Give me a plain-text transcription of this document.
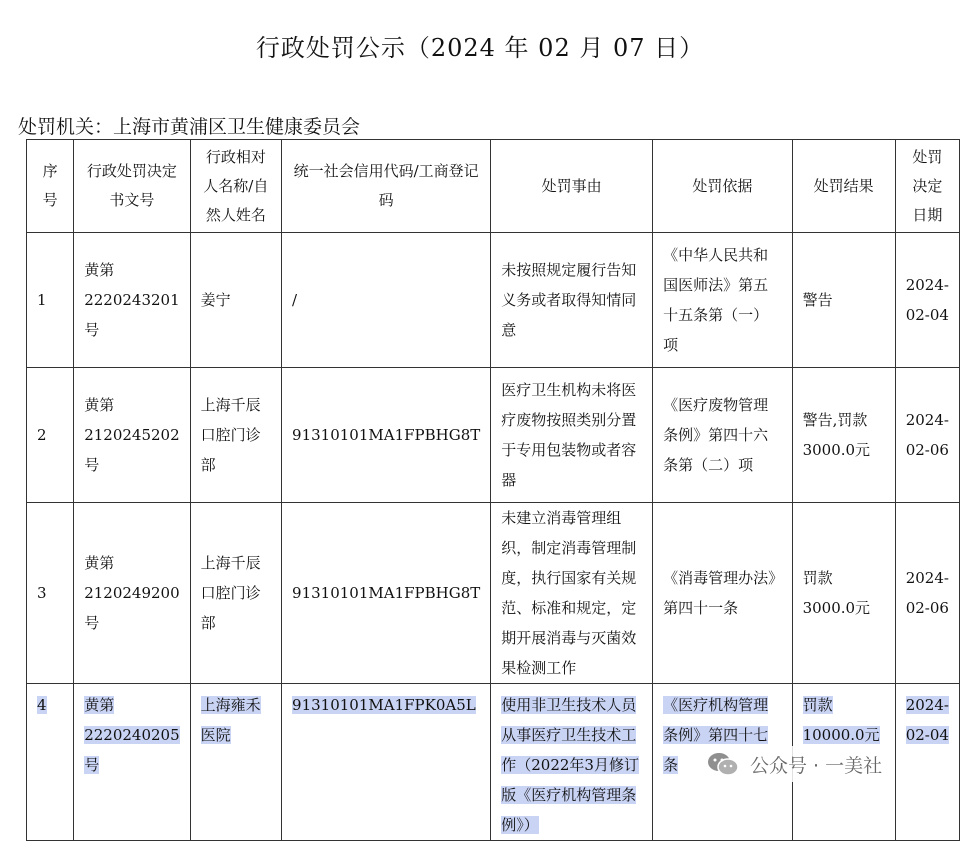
行政处罚公示（2024 年 02 月 07 日）
处罚机关：上海市黄浦区卫生健康委员会
序号	行政处罚决定书文号	行政相对人名称/自然人姓名	统一社会信用代码/工商登记码	处罚事由	处罚依据	处罚结果	处罚决定日期
1	黄第2220243201号	姜宁	/	未按照规定履行告知义务或者取得知情同意	《中华人民共和国医师法》第五十五条第（一）项	警告	2024-02-04
2	黄第2120245202号	上海千辰口腔门诊部	91310101MA1FPBHG8T	医疗卫生机构未将医疗废物按照类别分置于专用包装物或者容器	《医疗废物管理条例》第四十六条第（二）项	警告,罚款3000.0元	2024-02-06
3	黄第2120249200号	上海千辰口腔门诊部	91310101MA1FPBHG8T	未建立消毒管理组织，制定消毒管理制度，执行国家有关规范、标准和规定，定期开展消毒与灭菌效果检测工作	《消毒管理办法》第四十一条	罚款3000.0元	2024-02-06
4	黄第2220240205号	上海雍禾医院	91310101MA1FPK0A5L	使用非卫生技术人员从事医疗卫生技术工作（2022年3月修订版《医疗机构管理条例》）	《医疗机构管理条例》第四十七条	罚款10000.0元	2024-02-04
公众号 · 一美社
